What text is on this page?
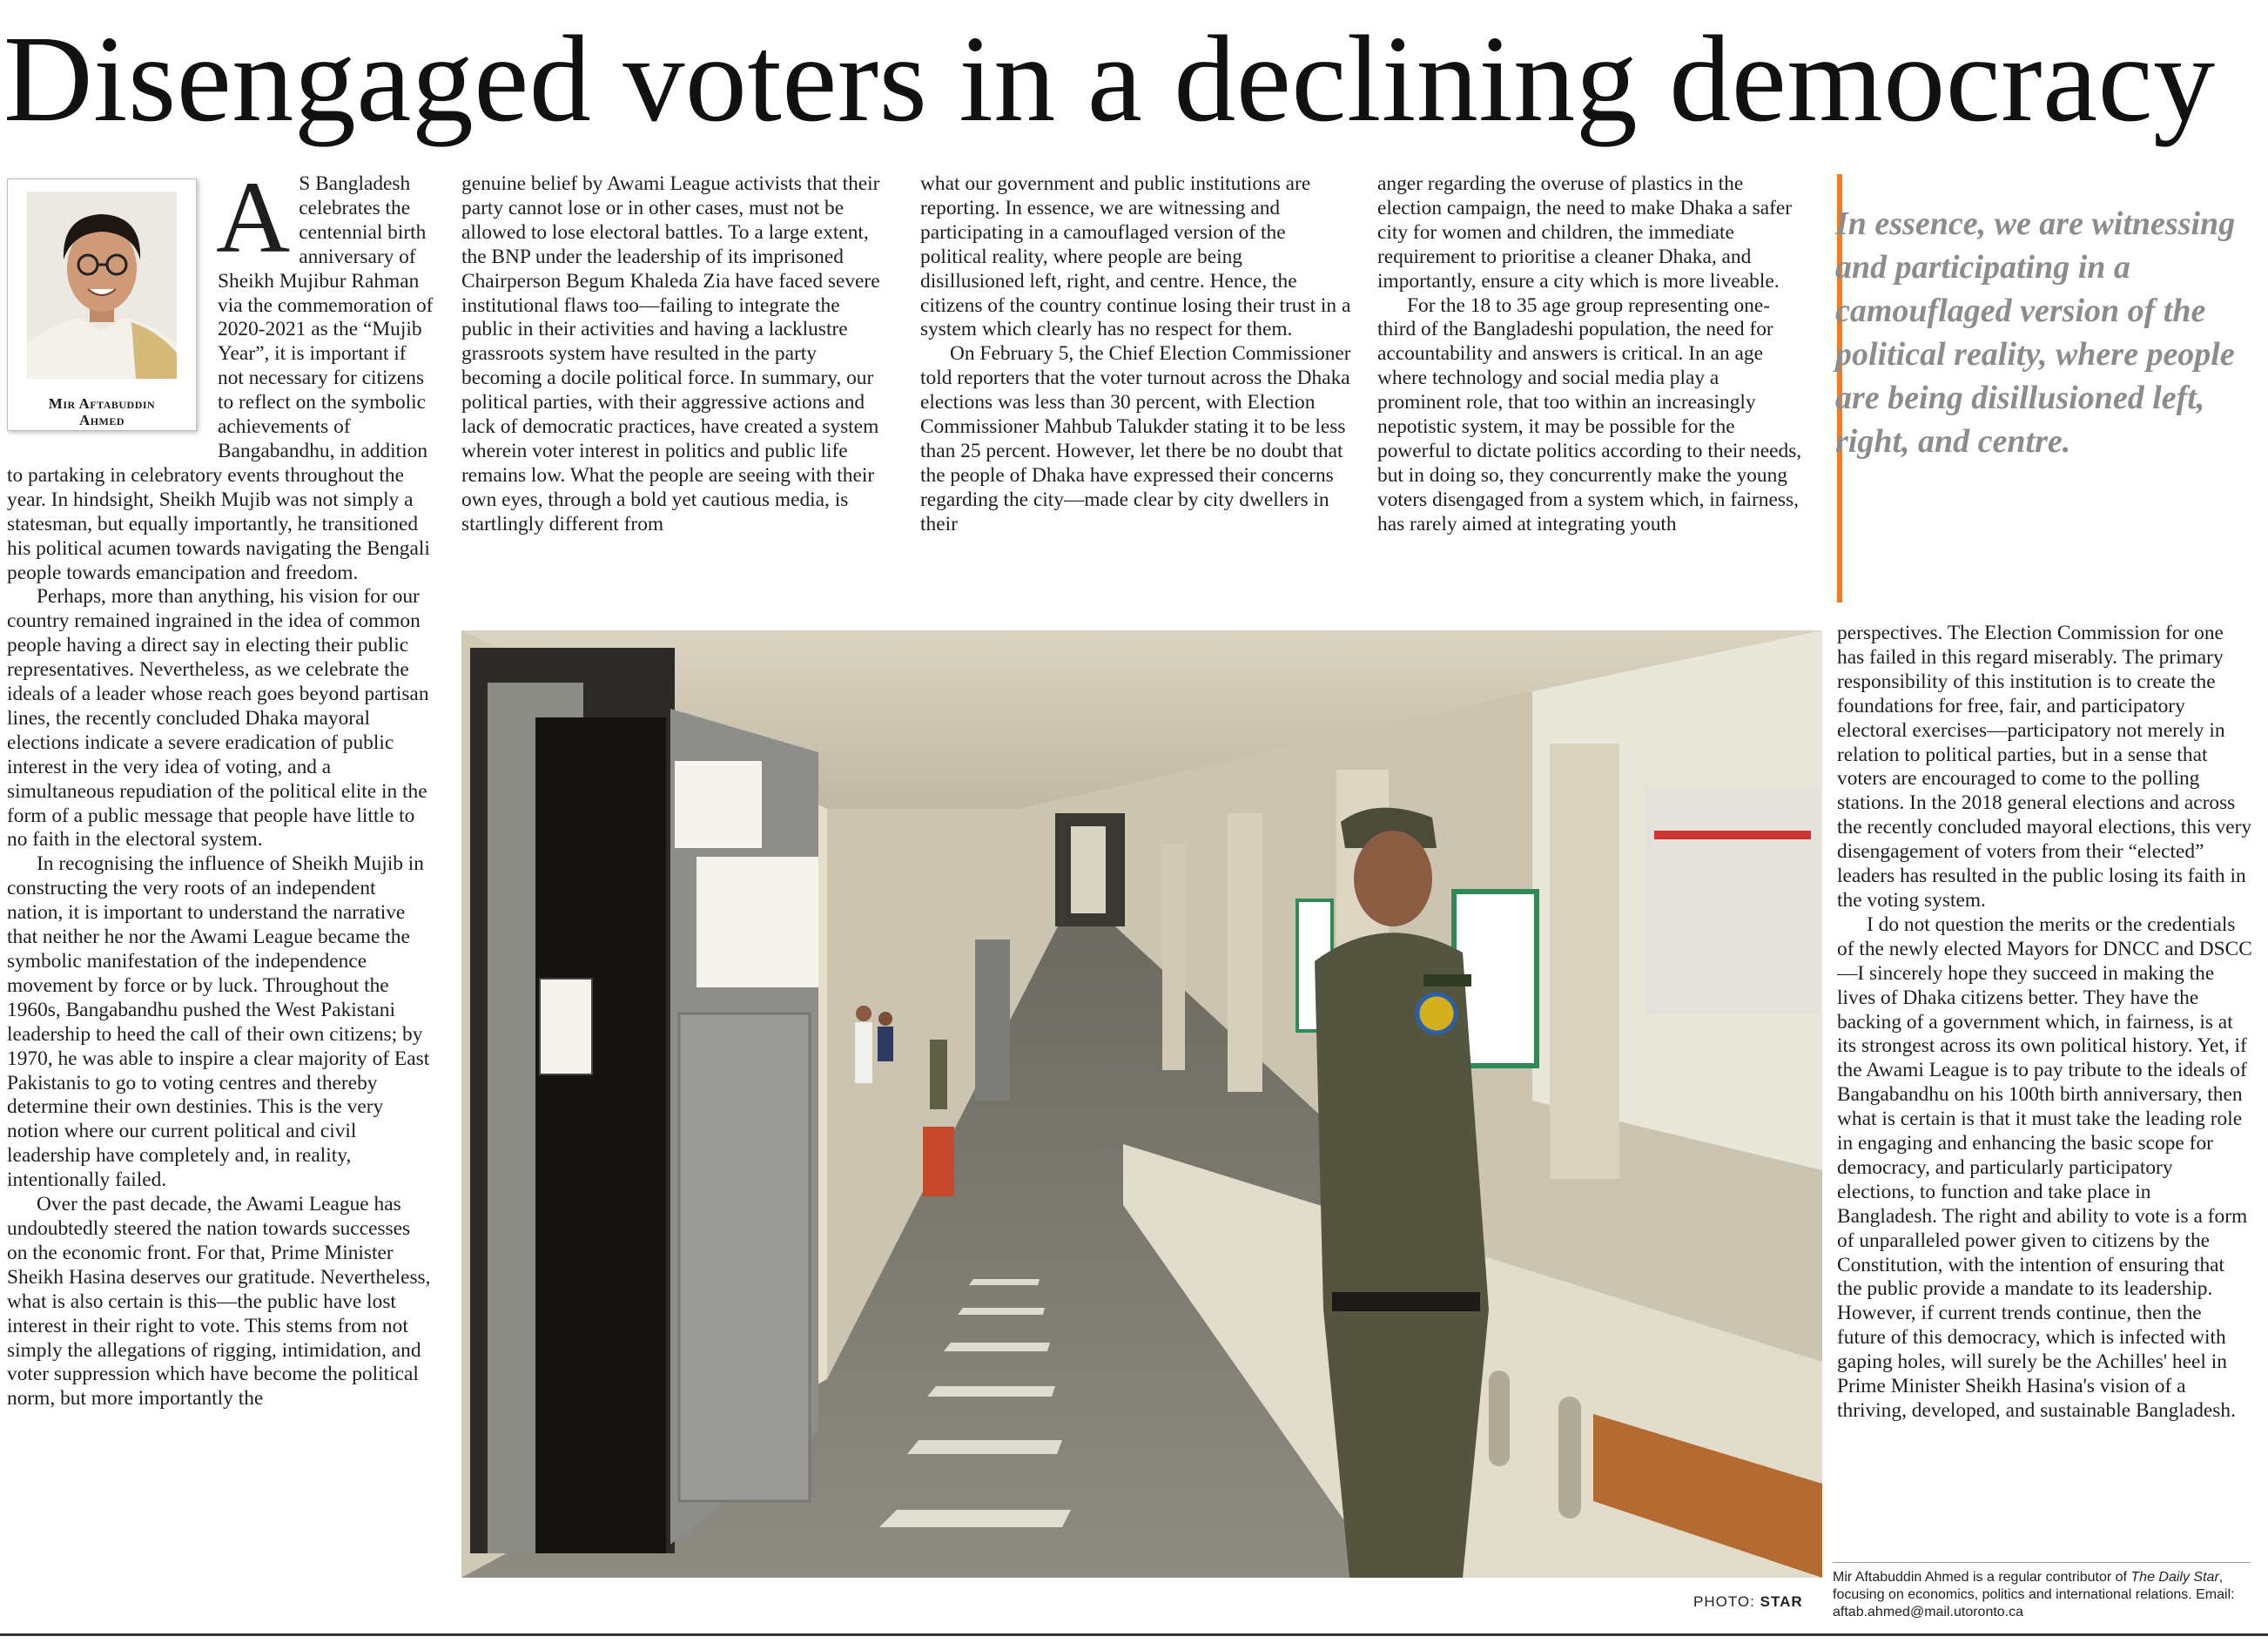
Disengaged voters in a declining democracy
Mir Aftabuddin
Ahmed
A S Bangladesh celebrates the centennial birth anniversary of Sheikh Mujibur Rahman via the commemoration of 2020-2021 as the “Mujib Year”, it is important if not necessary for citizens to reflect on the symbolic achievements of Bangabandhu, in addition to partaking in celebratory events throughout the year. In hindsight, Sheikh Mujib was not simply a statesman, but equally importantly, he transitioned his political acumen towards navigating the Bengali people towards emancipation and freedom.

Perhaps, more than anything, his vision for our country remained ingrained in the idea of common people having a direct say in electing their public representatives. Nevertheless, as we celebrate the ideals of a leader whose reach goes beyond partisan lines, the recently concluded Dhaka mayoral elections indicate a severe eradication of public interest in the very idea of voting, and a simultaneous repudiation of the political elite in the form of a public message that people have little to no faith in the electoral system.

In recognising the influence of Sheikh Mujib in constructing the very roots of an independent nation, it is important to understand the narrative that neither he nor the Awami League became the symbolic manifestation of the independence movement by force or by luck. Throughout the 1960s, Bangabandhu pushed the West Pakistani leadership to heed the call of their own citizens; by 1970, he was able to inspire a clear majority of East Pakistanis to go to voting centres and thereby determine their own destinies. This is the very notion where our current political and civil leadership have completely and, in reality, intentionally failed.

Over the past decade, the Awami League has undoubtedly steered the nation towards successes on the economic front. For that, Prime Minister Sheikh Hasina deserves our gratitude. Nevertheless, what is also certain is this—the public have lost interest in their right to vote. This stems from not simply the allegations of rigging, intimidation, and voter suppression which have become the political norm, but more importantly the

genuine belief by Awami League activists that their party cannot lose or in other cases, must not be allowed to lose electoral battles. To a large extent, the BNP under the leadership of its imprisoned Chairperson Begum Khaleda Zia have faced severe institutional flaws too—failing to integrate the public in their activities and having a lacklustre grassroots system have resulted in the party becoming a docile political force. In summary, our political parties, with their aggressive actions and lack of democratic practices, have created a system wherein voter interest in politics and public life remains low. What the people are seeing with their own eyes, through a bold yet cautious media, is startlingly different from

what our government and public institutions are reporting. In essence, we are witnessing and participating in a camouflaged version of the political reality, where people are being disillusioned left, right, and centre. Hence, the citizens of the country continue losing their trust in a system which clearly has no respect for them.

On February 5, the Chief Election Commissioner told reporters that the voter turnout across the Dhaka elections was less than 30 percent, with Election Commissioner Mahbub Talukder stating it to be less than 25 percent. However, let there be no doubt that the people of Dhaka have expressed their concerns regarding the city—made clear by city dwellers in their

anger regarding the overuse of plastics in the election campaign, the need to make Dhaka a safer city for women and children, the immediate requirement to prioritise a cleaner Dhaka, and importantly, ensure a city which is more liveable.

For the 18 to 35 age group representing one-third of the Bangladeshi population, the need for accountability and answers is critical. In an age where technology and social media play a prominent role, that too within an increasingly nepotistic system, it may be possible for the powerful to dictate politics according to their needs, but in doing so, they concurrently make the young voters disengaged from a system which, in fairness, has rarely aimed at integrating youth

In essence, we are witnessing and participating in a camouflaged version of the political reality, where people are being disillusioned left, right, and centre.

perspectives. The Election Commission for one has failed in this regard miserably. The primary responsibility of this institution is to create the foundations for free, fair, and participatory electoral exercises—participatory not merely in relation to political parties, but in a sense that voters are encouraged to come to the polling stations. In the 2018 general elections and across the recently concluded mayoral elections, this very disengagement of voters from their “elected” leaders has resulted in the public losing its faith in the voting system.

I do not question the merits or the credentials of the newly elected Mayors for DNCC and DSCC—I sincerely hope they succeed in making the lives of Dhaka citizens better. They have the backing of a government which, in fairness, is at its strongest across its own political history. Yet, if the Awami League is to pay tribute to the ideals of Bangabandhu on his 100th birth anniversary, then what is certain is that it must take the leading role in engaging and enhancing the basic scope for democracy, and particularly participatory elections, to function and take place in Bangladesh. The right and ability to vote is a form of unparalleled power given to citizens by the Constitution, with the intention of ensuring that the public provide a mandate to its leadership. However, if current trends continue, then the future of this democracy, which is infected with gaping holes, will surely be the Achilles' heel in Prime Minister Sheikh Hasina's vision of a thriving, developed, and sustainable Bangladesh.

PHOTO: STAR
Mir Aftabuddin Ahmed is a regular contributor of The Daily Star, focusing on economics, politics and international relations. Email: aftab.ahmed@mail.utoronto.ca
